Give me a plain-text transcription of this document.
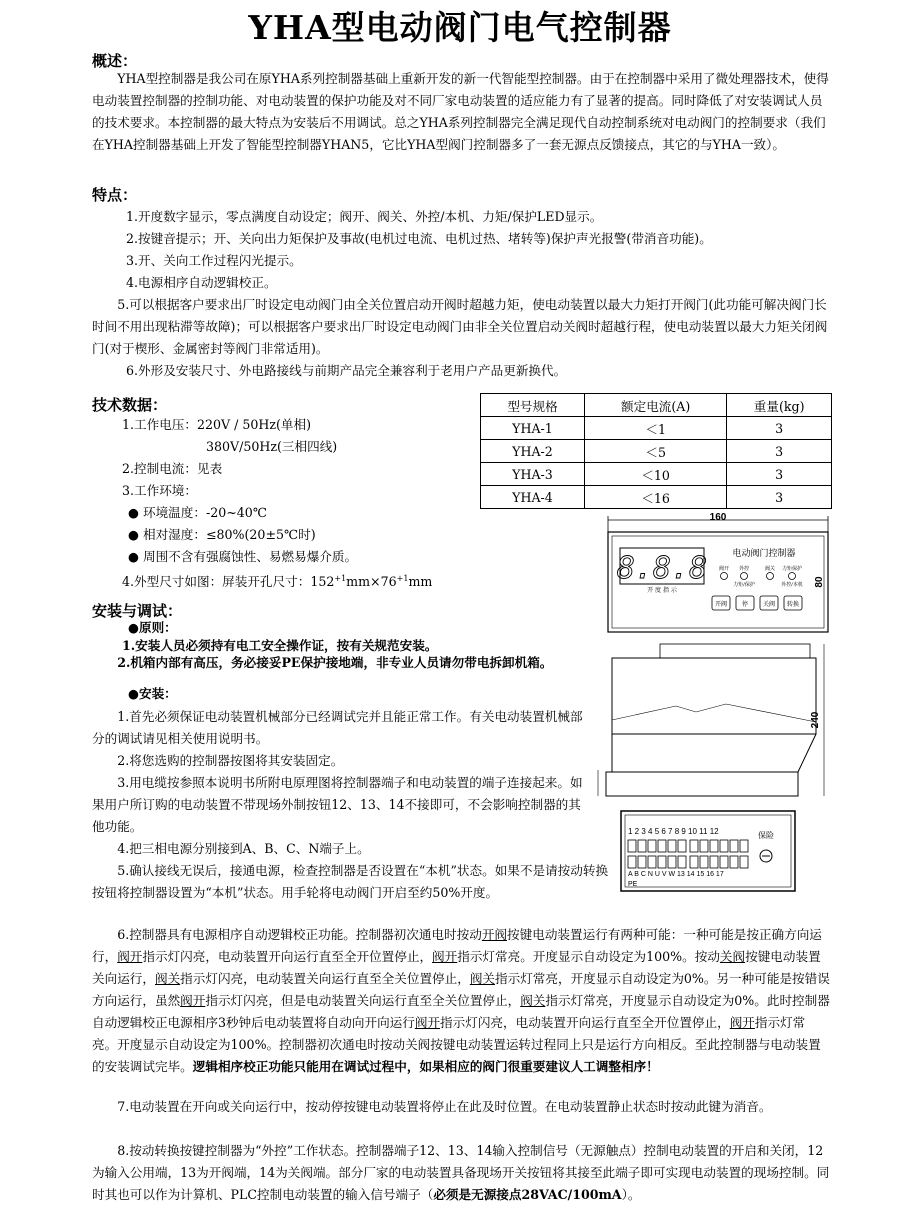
YHA型电动阀门电气控制器
概述：
YHA型控制器是我公司在原YHA系列控制器基础上重新开发的新一代智能型控制器。由于在控制器中采用了微处理器技术，使得电动装置控制器的控制功能、对电动装置的保护功能及对不同厂家电动装置的适应能力有了显著的提高。同时降低了对安装调试人员的技术要求。本控制器的最大特点为安装后不用调试。总之YHA系列控制器完全满足现代自动控制系统对电动阀门的控制要求（我们在YHA控制器基础上开发了智能型控制器YHAN5，它比YHA型阀门控制器多了一套无源点反馈接点，其它的与YHA一致）。
特点：
1.开度数字显示，零点满度自动设定；阀开、阀关、外控/本机、力矩/保护LED显示。
2.按键音提示；开、关向出力矩保护及事故(电机过电流、电机过热、堵转等)保护声光报警(带消音功能)。
3.开、关向工作过程闪光提示。
4.电源相序自动逻辑校正。
5.可以根据客户要求出厂时设定电动阀门由全关位置启动开阀时超越力矩，使电动装置以最大力矩打开阀门(此功能可解决阀门长时间不用出现粘滞等故障)；可以根据客户要求出厂时设定电动阀门由非全关位置启动关阀时超越行程，使电动装置以最大力矩关闭阀门(对于楔形、金属密封等阀门非常适用)。
6.外形及安装尺寸、外电路接线与前期产品完全兼容利于老用户产品更新换代。
技术数据：
1.工作电压：220V / 50Hz(单相)
380V/50Hz(三相四线)
2.控制电流：见表
3.工作环境：
● 环境温度：-20~40℃
● 相对湿度：≤80%(20±5℃时)
● 周围不含有强腐蚀性、易燃易爆介质。
4.外型尺寸如图：屏装开孔尺寸：$152^{+1}mm\times 76^{+1}mm$
型号规格	额定电流(A)	重量(kg)
YHA-1	＜1	3
YHA-2	＜5	3
YHA-3	＜10	3
YHA-4	＜16	3
160
8.8.8
开 度 指 示
电动阀门控制器
阀开 外控	阀关 力矩保护
力矩/保护	外控/本机
开阀 停 关阀 转换
80
240
1 2 3 4 5 6 7 8 9 10 11 12
A B C N U V W 13 14 15 16 17
PE
保险
安装与调试：
●原则：
1.安装人员必须持有电工安全操作证，按有关规范安装。
2.机箱内部有高压，务必接妥PE保护接地端，非专业人员请勿带电拆卸机箱。
●安装：
1.首先必须保证电动装置机械部分已经调试完并且能正常工作。有关电动装置机械部分的调试请见相关使用说明书。
2.将您选购的控制器按图将其安装固定。
3.用电缆按参照本说明书所附电原理图将控制器端子和电动装置的端子连接起来。如果用户所订购的电动装置不带现场外制按钮12、13、14不接即可，不会影响控制器的其他功能。
4.把三相电源分别接到A、B、C、N端子上。
5.确认接线无误后，接通电源，检查控制器是否设置在“本机”状态。如果不是请按动转换按钮将控制器设置为“本机”状态。用手轮将电动阀门开启至约50%开度。
6.控制器具有电源相序自动逻辑校正功能。控制器初次通电时按动开阀按键电动装置运行有两种可能：一种可能是按正确方向运行，阀开指示灯闪亮，电动装置开向运行直至全开位置停止，阀开指示灯常亮。开度显示自动设定为100%。按动关阀按键电动装置关向运行，阀关指示灯闪亮，电动装置关向运行直至全关位置停止，阀关指示灯常亮，开度显示自动设定为0%。另一种可能是按错误方向运行，虽然阀开指示灯闪亮，但是电动装置关向运行直至全关位置停止，阀关指示灯常亮，开度显示自动设定为0%。此时控制器自动逻辑校正电源相序3秒钟后电动装置将自动向开向运行阀开指示灯闪亮，电动装置开向运行直至全开位置停止，阀开指示灯常亮。开度显示自动设定为100%。控制器初次通电时按动关阀按键电动装置运转过程同上只是运行方向相反。至此控制器与电动装置的安装调试完毕。逻辑相序校正功能只能用在调试过程中，如果相应的阀门很重要建议人工调整相序！
7.电动装置在开向或关向运行中，按动停按键电动装置将停止在此及时位置。在电动装置静止状态时按动此键为消音。
8.按动转换按键控制器为“外控”工作状态。控制器端子12、13、14输入控制信号（无源触点）控制电动装置的开启和关闭，12为输入公用端，13为开阀端，14为关阀端。部分厂家的电动装置具备现场开关按钮将其接至此端子即可实现电动装置的现场控制。同时其也可以作为计算机、PLC控制电动装置的输入信号端子（必须是无源接点28VAC/100mA）。
